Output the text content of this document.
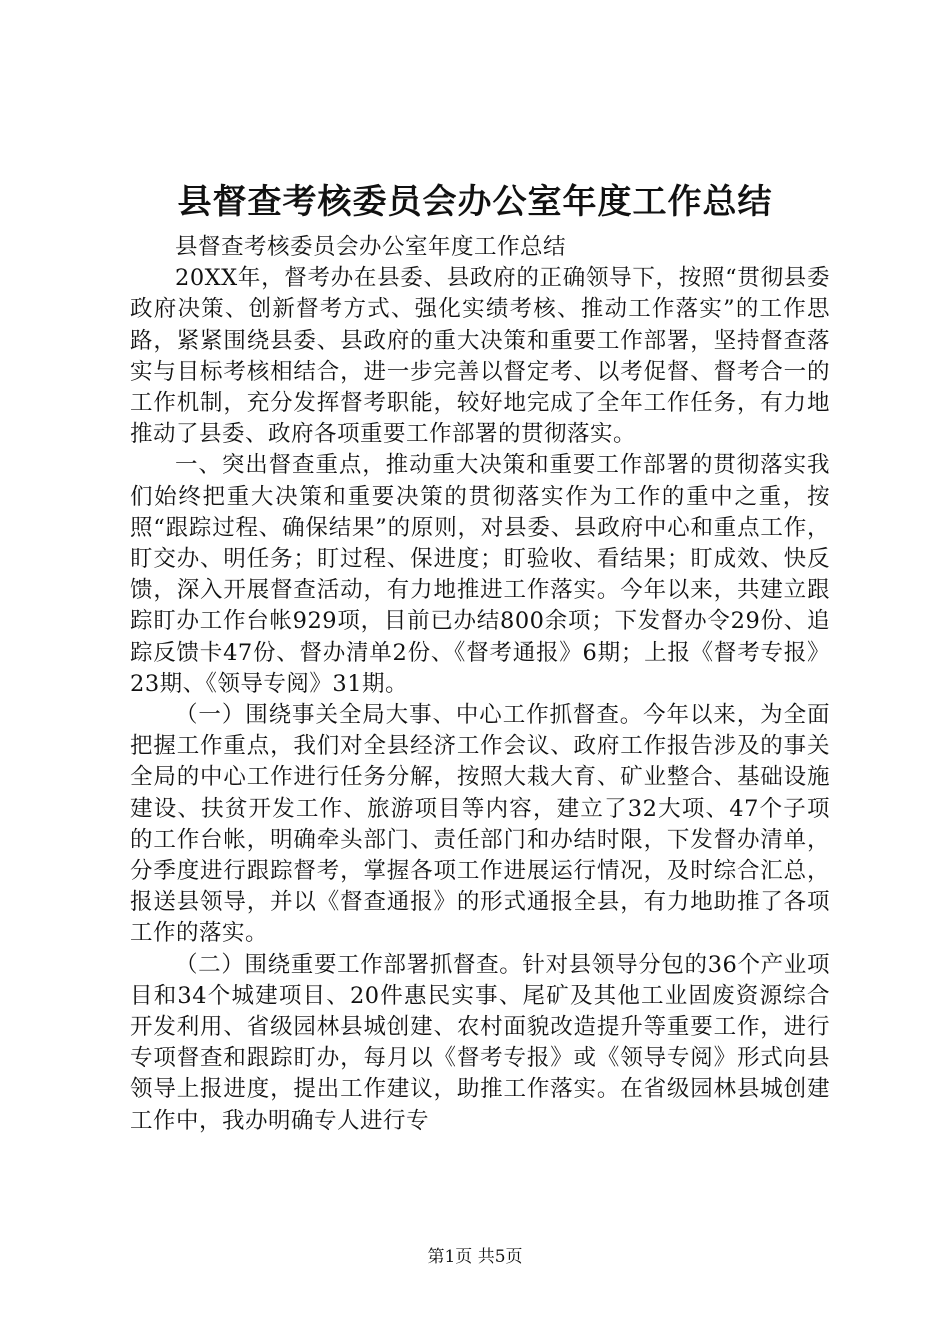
县督查考核委员会办公室年度工作总结

县督查考核委员会办公室年度工作总结

20XX年，督考办在县委、县政府的正确领导下，按照“贯彻县委政府决策、创新督考方式、强化实绩考核、推动工作落实”的工作思路，紧紧围绕县委、县政府的重大决策和重要工作部署，坚持督查落实与目标考核相结合，进一步完善以督定考、以考促督、督考合一的工作机制，充分发挥督考职能，较好地完成了全年工作任务，有力地推动了县委、政府各项重要工作部署的贯彻落实。

一、突出督查重点，推动重大决策和重要工作部署的贯彻落实我们始终把重大决策和重要决策的贯彻落实作为工作的重中之重，按照“跟踪过程、确保结果”的原则，对县委、县政府中心和重点工作，盯交办、明任务；盯过程、保进度；盯验收、看结果；盯成效、快反馈，深入开展督查活动，有力地推进工作落实。今年以来，共建立跟踪盯办工作台帐929项，目前已办结800余项；下发督办令29份、追踪反馈卡47份、督办清单2份、《督考通报》6期；上报《督考专报》23期、《领导专阅》31期。

（一）围绕事关全局大事、中心工作抓督查。今年以来，为全面把握工作重点，我们对全县经济工作会议、政府工作报告涉及的事关全局的中心工作进行任务分解，按照大栽大育、矿业整合、基础设施建设、扶贫开发工作、旅游项目等内容，建立了32大项、47个子项的工作台帐，明确牵头部门、责任部门和办结时限，下发督办清单，分季度进行跟踪督考，掌握各项工作进展运行情况，及时综合汇总，报送县领导，并以《督查通报》的形式通报全县，有力地助推了各项工作的落实。

（二）围绕重要工作部署抓督查。针对县领导分包的36个产业项目和34个城建项目、20件惠民实事、尾矿及其他工业固废资源综合开发利用、省级园林县城创建、农村面貌改造提升等重要工作，进行专项督查和跟踪盯办，每月以《督考专报》或《领导专阅》形式向县领导上报进度，提出工作建议，助推工作落实。在省级园林县城创建工作中，我办明确专人进行专

第1页 共5页
